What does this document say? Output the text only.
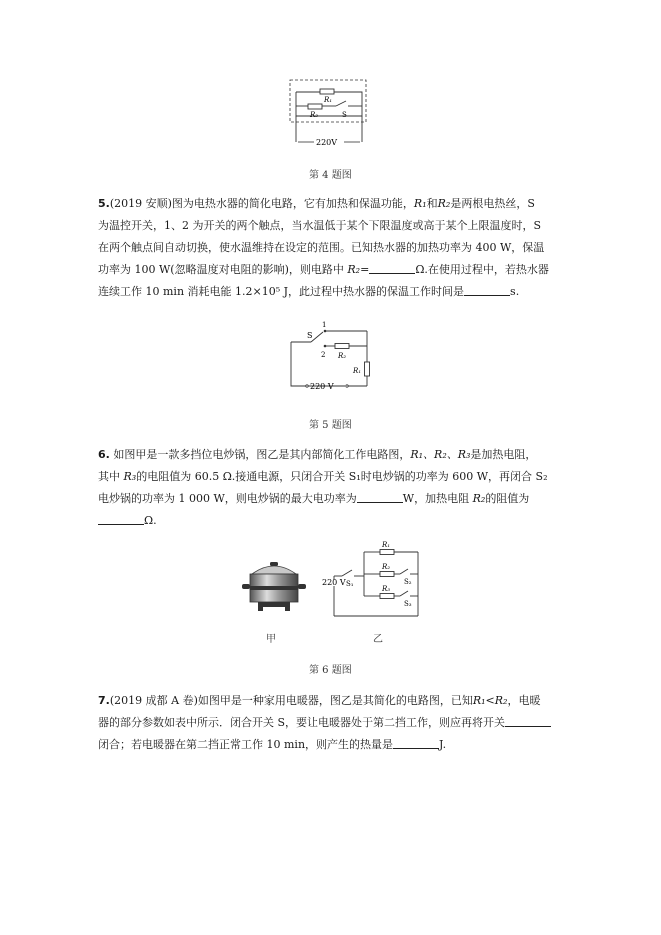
R₁
R₂	S
220V
第 4 题图

5.(2019 安顺)图为电热水器的简化电路，它有加热和保温功能，R₁和R₂是两根电热丝，S

为温控开关，1、2 为开关的两个触点，当水温低于某个下限温度或高于某个上限温度时，S

在两个触点间自动切换，使水温维持在设定的范围。已知热水器的加热功率为 400 W，保温

功率为 100 W(忽略温度对电阻的影响)，则电路中 R₂=	Ω.在使用过程中，若热水器

连续工作 10 min 消耗电能 1.2×10⁵ J，此过程中热水器的保温工作时间是	s.

S
1
2 R₂
R₁
220 V
第 5 题图

6. 如图甲是一款多挡位电炒锅，图乙是其内部简化工作电路图，R₁、R₂、R₃是加热电阻，

其中 R₃的电阻值为 60.5 Ω.接通电源，只闭合开关 S₁时电炒锅的功率为 600 W，再闭合 S₂

电炒锅的功率为 1 000 W，则电炒锅的最大电功率为	W，加热电阻 R₂的阻值为

Ω.

甲
R₁
R₂
R₃
S₁	S₂
S₃
220 V
乙
第 6 题图

7.(2019 成都 A 卷)如图甲是一种家用电暖器，图乙是其简化的电路图，已知R₁<R₂，电暖

器的部分参数如表中所示．闭合开关 S，要让电暖器处于第二挡工作，则应再将开关

闭合；若电暖器在第二挡正常工作 10 min，则产生的热量是	J.
